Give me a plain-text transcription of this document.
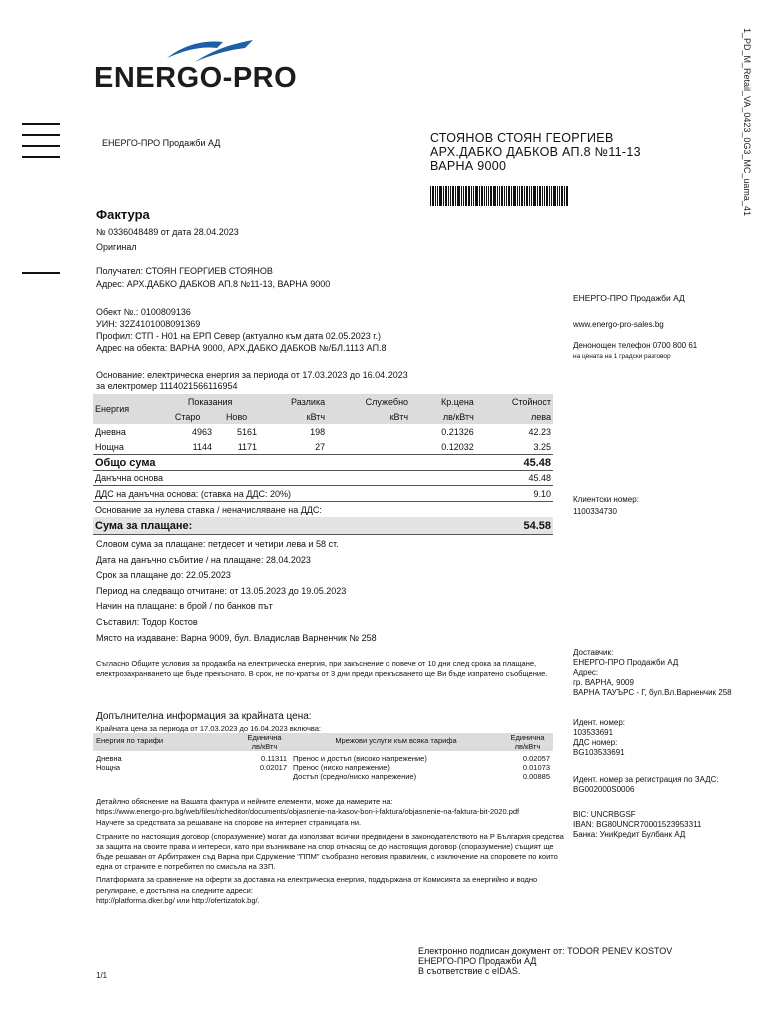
ENERGO-PRO	1_PD_M_Retail_VA_0423_0G3_MC_uama_41
ЕНЕРГО-ПРО Продажби АД	СТОЯНОВ СТОЯН ГЕОРГИЕВ
АРХ.ДАБКО ДАБКОВ АП.8 №11-13
ВАРНА 9000
Фактура
№ 0336048489 от дата 28.04.2023
Оригинал
Получател: СТОЯН ГЕОРГИЕВ СТОЯНОВ
Адрес: АРХ.ДАБКО ДАБКОВ АП.8 №11-13, ВАРНА 9000
Обект №.: 0100809136
УИН: 32Z4101008091369
Профил: СТП - Н01 на ЕРП Север (актуално към дата 02.05.2023 г.)
Адрес на обекта: ВАРНА 9000, АРХ.ДАБКО ДАБКОВ №/БЛ.1113 АП.8
Основание: електрическа енергия за периода от 17.03.2023 до 16.04.2023
за електромер 1114021566116954
Енергия	Показания		Разлика	Служебно	Кр.цена	Стойност
	Старо	Ново	кВтч	кВтч	лв/кВтч	лева
Дневна	4963	5161	198		0.21326	42.23
Нощна	1144	1171	27		0.12032	3.25
Общо сума	45.48
Данъчна основа	45.48
ДДС на данъчна основа: (ставка на ДДС: 20%)	9.10
Основание за нулева ставка / неначисляване на ДДС:
Сума за плащане:	54.58
Словом сума за плащане: петдесет и четири лева и 58 ст.
Дата на данъчно събитие / на плащане: 28.04.2023
Срок за плащане до: 22.05.2023
Период на следващо отчитане: от 13.05.2023 до 19.05.2023
Начин на плащане: в брой / по банков път
Съставил: Тодор Костов
Място на издаване: Варна 9009, бул. Владислав Варненчик № 258
Съгласно Общите условия за продажба на електрическа енергия, при закъснение с повече от 10 дни след срока за плащане, електрозахранването ще бъде прекъснато. В срок, не по-кратък от 3 дни преди прекъсването ще Ви бъде изпратено съобщение.
Допълнителна информация за крайната цена:
Крайната цена за периода от 17.03.2023 до 16.04.2023 включва:
Енергия по тарифи	Единична лв/кВтч	Мрежови услуги към всяка тарифа	Единична лв/кВтч
Дневна	0.11311	Пренос и достъп (високо напрежение)	0.02057
Нощна	0.02017	Пренос (ниско напрежение)	0.01073
		Достъп (средно/ниско напрежение)	0.00885
Детайлно обяснение на Вашата фактура и нейните елементи, може да намерите на:
https://www.energo-pro.bg/web/files/richeditor/documents/objasnenie-na-kasov-bon-i-faktura/objasnenie-na-faktura-bit-2020.pdf
Научете за средствата за решаване на спорове на интернет страницата ни.
Страните по настоящия договор (споразумение) могат да използват всички предвидени в законодателството на Р България средства за защита на своите права и интереси, като при възникване на спор отнасящ се до настоящия договор (споразумение) същият ще бъде решаван от Арбитражен съд Варна при Сдружение "ППМ" съобразно неговия правилник, с изключение на споровете по които една от страните е потребител по смисъла на ЗЗП.
Платформата за сравнение на оферти за доставка на електрическа енергия, поддържана от Комисията за енергийно и водно регулиране, е достъпна на следните адреси:
http://platforma.dker.bg/ или http://ofertizatok.bg/.
ЕНЕРГО-ПРО Продажби АД
www.energo-pro-sales.bg
Денонощен телефон 0700 800 61
на цената на 1 градски разговор
Клиентски номер:
1100334730
Доставчик:
ЕНЕРГО-ПРО Продажби АД
Адрес:
гр. ВАРНА, 9009
ВАРНА ТАУЪРС - Г, бул.Вл.Варненчик 258
Идент. номер:
103533691
ДДС номер:
BG103533691
Идент. номер за регистрация по ЗАДС:
BG002000S0006
BIC: UNCRBGSF
IBAN: BG80UNCR70001523953311
Банка: УниКредит Булбанк АД
Електронно подписан документ от: TODOR PENEV KOSTOV
ЕНЕРГО-ПРО Продажби АД
В съответствие с eIDAS.
1/1
